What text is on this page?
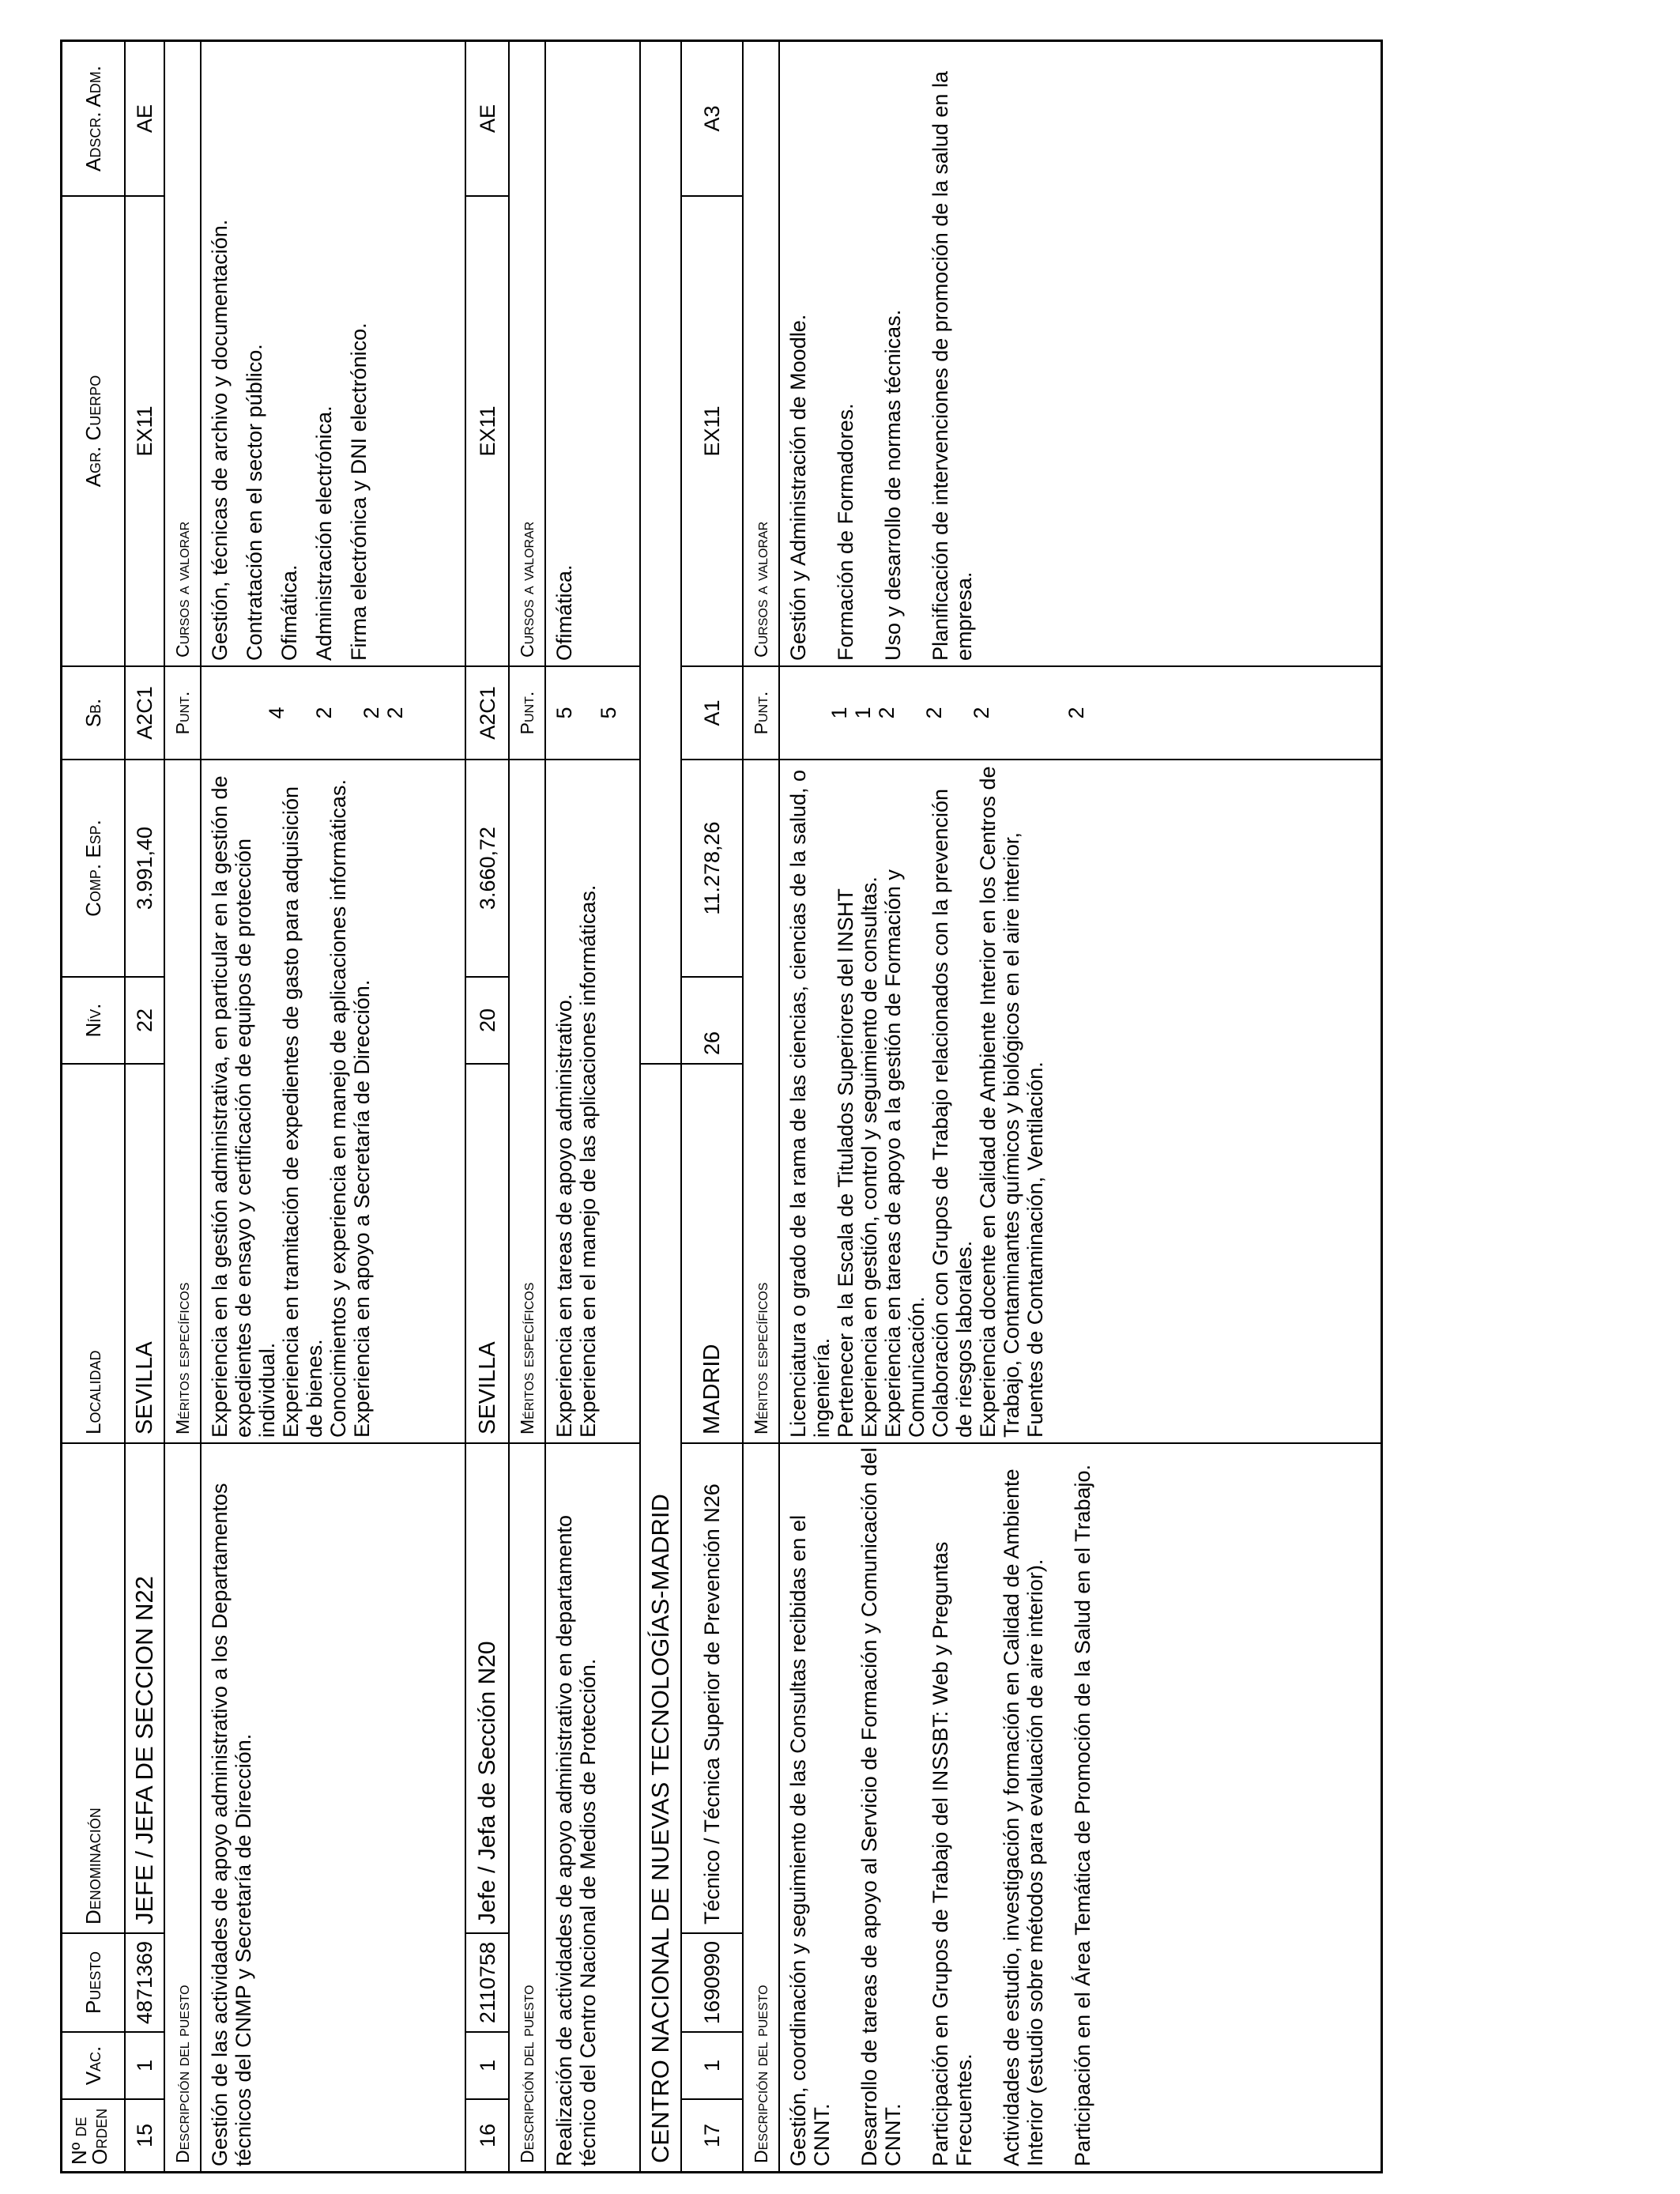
Nº de Orden
Vac.
Puesto
Denominación
Localidad
Nív.
Comp. Esp.
Sb.
Agr. Cuerpo
Adscr. Adm.
15
1
4871369
JEFE / JEFA DE SECCION N22
SEVILLA
22
3.991,40
A2C1
EX11
AE
Descripción del puesto
Méritos específicos
Punt.
Cursos a valorar
Gestión de las actividades de apoyo administrativo a los Departamentos técnicos del CNMP y Secretaría de Dirección.
Experiencia en la gestión administrativa, en particular en la gestión de expedientes de ensayo y certificación de equipos de protección individual. Experiencia en tramitación de expedientes de gasto para adquisición de bienes. Conocimientos y experiencia en manejo de aplicaciones informáticas. Experiencia en apoyo a Secretaría de Dirección.
4 2 2 2
Gestión, técnicas de archivo y documentación. Contratación en el sector público. Ofimática. Administración electrónica. Firma electrónica y DNI electrónico.
16
1
2110758
Jefe / Jefa de Sección N20
SEVILLA
20
3.660,72
A2C1
EX11
AE
Descripción del puesto
Méritos específicos
Punt.
Cursos a valorar
Realización de actividades de apoyo administrativo en departamento técnico del Centro Nacional de Medios de Protección.
Experiencia en tareas de apoyo administrativo. Experiencia en el manejo de las aplicaciones informáticas.
5 5
Ofimática.
CENTRO NACIONAL DE NUEVAS TECNOLOGÍAS-MADRID	17
1
1690990
Técnico / Técnica Superior de Prevención N26
MADRID
26
11.278,26
A1
EX11
A3
Descripción del puesto
Méritos específicos
Punt.
Cursos a valorar
Gestión, coordinación y seguimiento de las Consultas recibidas en el CNNT. Desarrollo de tareas de apoyo al Servicio de Formación y Comunicación del CNNT. Participación en Grupos de Trabajo del INSSBT: Web y Preguntas Frecuentes. Actividades de estudio, investigación y formación en Calidad de Ambiente Interior (estudio sobre métodos para evaluación de aire interior). Participación en el Área Temática de Promoción de la Salud en el Trabajo.
Licenciatura o grado de la rama de las ciencias, ciencias de la salud, o ingeniería. Pertenecer a la Escala de Titulados Superiores del INSHT Experiencia en gestión, control y seguimiento de consultas. Experiencia en tareas de apoyo a la gestión de Formación y Comunicación. Colaboración con Grupos de Trabajo relacionados con la prevención de riesgos laborales. Experiencia docente en Calidad de Ambiente Interior en los Centros de Trabajo, Contaminantes químicos y biológicos en el aire interior, Fuentes de Contaminación, Ventilación.
1 1 2 2 2	2
Gestión y Administración de Moodle. Formación de Formadores. Uso y desarrollo de normas técnicas. Planificación de intervenciones de promoción de la salud en la empresa.
